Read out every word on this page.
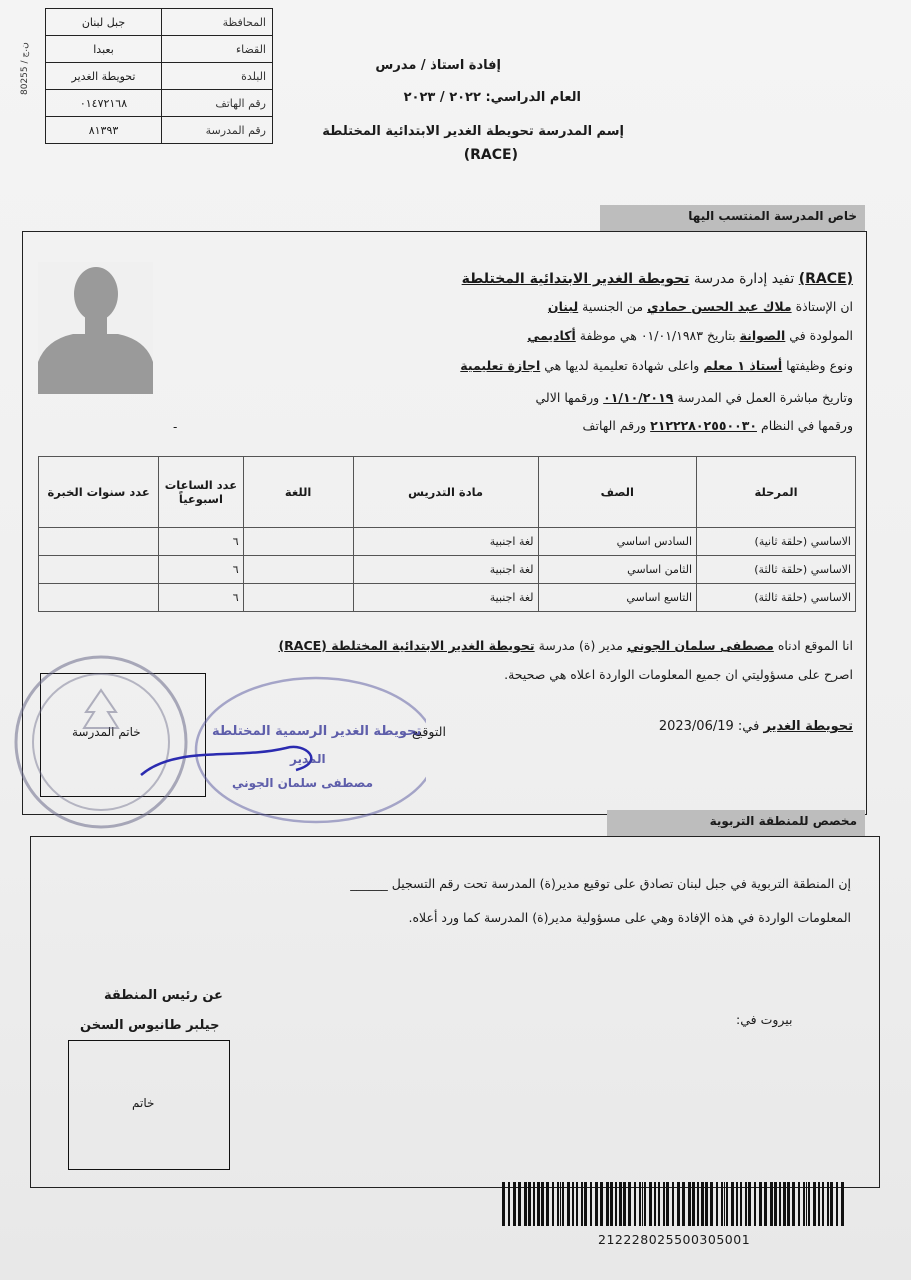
جبل لبنان	المحافظة
بعبدا	القضاء
تحويطة الغدير	البلدة
٠١٤٧٢١٦٨	رقم الهاتف
٨١٣٩٣	رقم المدرسة
ن.ج / 80255	إفادة استاذ / مدرس
العام الدراسي: ٢٠٢٢ / ٢٠٢٣
إسم المدرسة تحويطة الغدير الابتدائية المختلطة
(RACE)
خاص المدرسة المنتسب اليها
(RACE) تفيد إدارة مدرسة تحويطة الغدير الابتدائية المختلطة
ان الإستاذة ملاك عبد الحسن حمادي من الجنسية لبنان
المولودة في الصوانة بتاريخ ٠١/٠١/١٩٨٣ هي موظفة أكاديمي
ونوع وظيفتها أستاذ ١ معلم واعلى شهادة تعليمية لديها هي اجازة تعليمية
وتاريخ مباشرة العمل في المدرسة ٠١/١٠/٢٠١٩ ورقمها الالي
ورقمها في النظام ٢١٢٢٢٨٠٢٥٥٠٠٣٠ ورقم الهاتف
-
المرحلة	الصف	مادة التدريس	اللغة	عدد الساعات اسبوعياً	عدد سنوات الخبرة
الاساسي (حلقة ثانية)	السادس اساسي	لغة اجنبية		٦	
الاساسي (حلقة ثالثة)	الثامن اساسي	لغة اجنبية		٦	
الاساسي (حلقة ثالثة)	التاسع اساسي	لغة اجنبية		٦	
انا الموقع ادناه مصطفى سلمان الجوني مدير (ة) مدرسة تحويطة الغدير الابتدائية المختلطة (RACE)
اصرح على مسؤوليتي ان جميع المعلومات الواردة اعلاه هي صحيحة.
تحويطة الغدير في: 2023/06/19
التوقيع
خاتم المدرسة	تحويطة الغدير الرسمية المختلطة
المدير
مصطفى سلمان الجوني
مخصص للمنطقة التربوية
إن المنطقة التربوية في جبل لبنان تصادق على توقيع مدير(ة) المدرسة تحت رقم التسجيل ______
المعلومات الواردة في هذه الإفادة وهي على مسؤولية مدير(ة) المدرسة كما ورد أعلاه.
عن رئيس المنطقة
جيلبر طانيوس السخن	بيروت في:
خاتم
212228025500305001
